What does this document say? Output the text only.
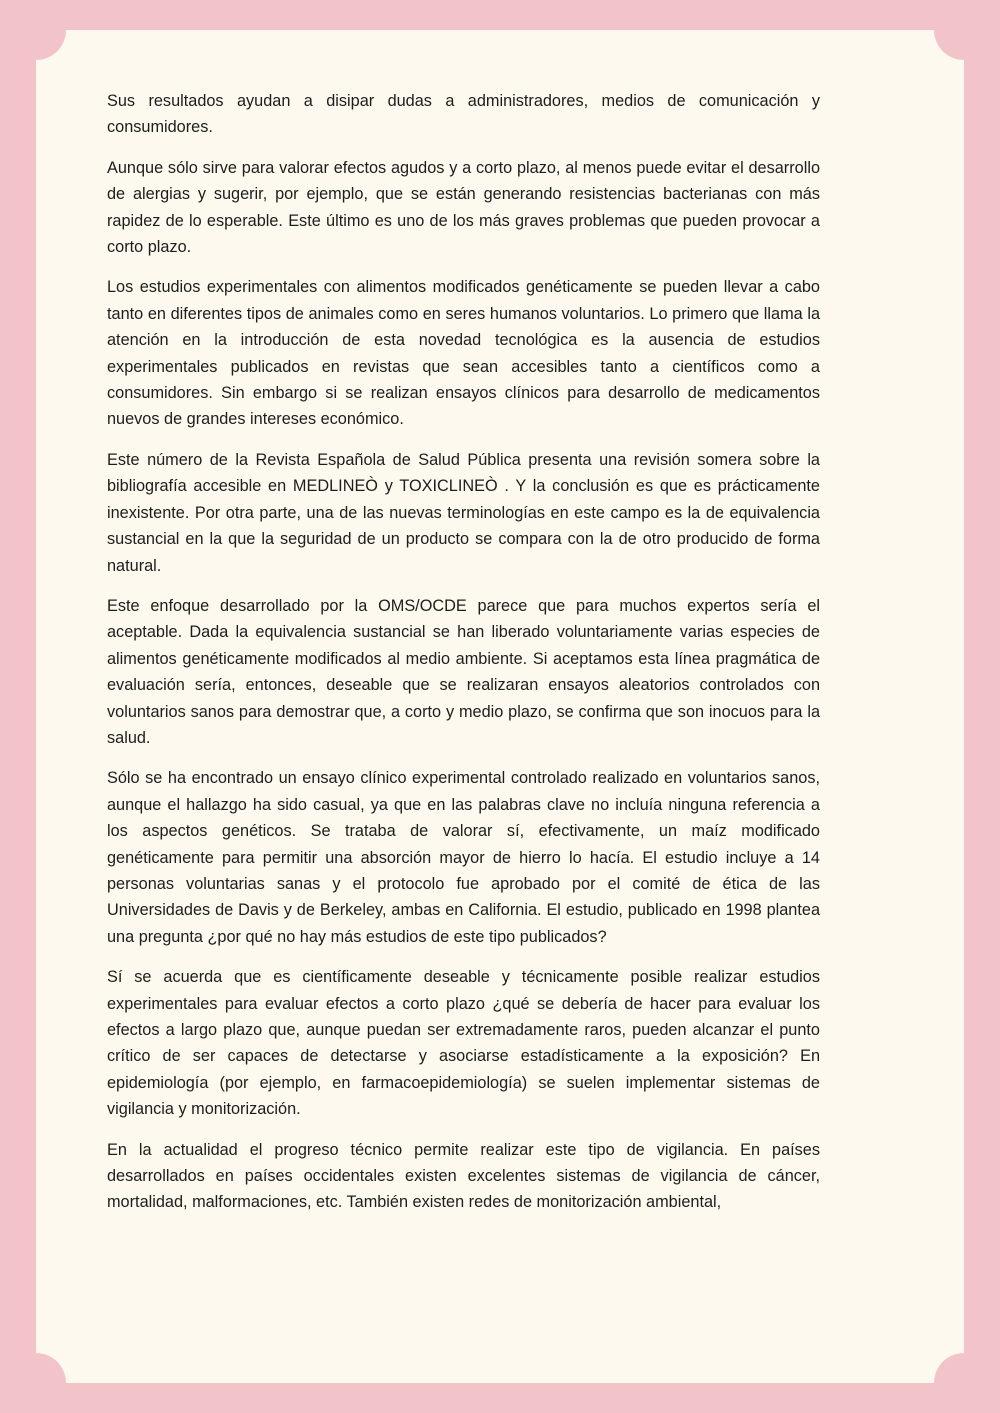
Sus resultados ayudan a disipar dudas a administradores, medios de comunicación y consumidores.

Aunque sólo sirve para valorar efectos agudos y a corto plazo, al menos puede evitar el desarrollo de alergias y sugerir, por ejemplo, que se están generando resistencias bacterianas con más rapidez de lo esperable. Este último es uno de los más graves problemas que pueden provocar a corto plazo.

Los estudios experimentales con alimentos modificados genéticamente se pueden llevar a cabo tanto en diferentes tipos de animales como en seres humanos voluntarios. Lo primero que llama la atención en la introducción de esta novedad tecnológica es la ausencia de estudios experimentales publicados en revistas que sean accesibles tanto a científicos como a consumidores. Sin embargo si se realizan ensayos clínicos para desarrollo de medicamentos nuevos de grandes intereses económico.

Este número de la Revista Española de Salud Pública presenta una revisión somera sobre la bibliografía accesible en MEDLINEÒ y TOXICLINEÒ . Y la conclusión es que es prácticamente inexistente. Por otra parte, una de las nuevas terminologías en este campo es la de equivalencia sustancial en la que la seguridad de un producto se compara con la de otro producido de forma natural.

Este enfoque desarrollado por la OMS/OCDE parece que para muchos expertos sería el aceptable. Dada la equivalencia sustancial se han liberado voluntariamente varias especies de alimentos genéticamente modificados al medio ambiente. Si aceptamos esta línea pragmática de evaluación sería, entonces, deseable que se realizaran ensayos aleatorios controlados con voluntarios sanos para demostrar que, a corto y medio plazo, se confirma que son inocuos para la salud.

Sólo se ha encontrado un ensayo clínico experimental controlado realizado en voluntarios sanos, aunque el hallazgo ha sido casual, ya que en las palabras clave no incluía ninguna referencia a los aspectos genéticos. Se trataba de valorar sí, efectivamente, un maíz modificado genéticamente para permitir una absorción mayor de hierro lo hacía. El estudio incluye a 14 personas voluntarias sanas y el protocolo fue aprobado por el comité de ética de las Universidades de Davis y de Berkeley, ambas en California. El estudio, publicado en 1998 plantea una pregunta ¿por qué no hay más estudios de este tipo publicados?

Sí se acuerda que es científicamente deseable y técnicamente posible realizar estudios experimentales para evaluar efectos a corto plazo ¿qué se debería de hacer para evaluar los efectos a largo plazo que, aunque puedan ser extremadamente raros, pueden alcanzar el punto crítico de ser capaces de detectarse y asociarse estadísticamente a la exposición? En epidemiología (por ejemplo, en farmacoepidemiología) se suelen implementar sistemas de vigilancia y monitorización.

En la actualidad el progreso técnico permite realizar este tipo de vigilancia. En países desarrollados en países occidentales existen excelentes sistemas de vigilancia de cáncer, mortalidad, malformaciones, etc. También existen redes de monitorización ambiental,
